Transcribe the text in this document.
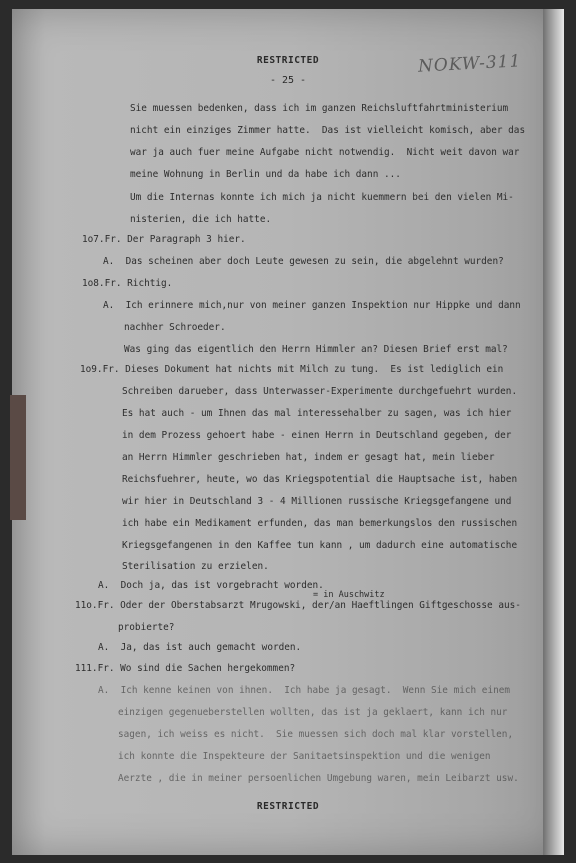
NOKW-311
RESTRICTED
- 25 -
Sie muessen bedenken, dass ich im ganzen Reichsluftfahrtministerium
nicht ein einziges Zimmer hatte.  Das ist vielleicht komisch, aber das
war ja auch fuer meine Aufgabe nicht notwendig.  Nicht weit davon war
meine Wohnung in Berlin und da habe ich dann ...
Um die Internas konnte ich mich ja nicht kuemmern bei den vielen Mi-
nisterien, die ich hatte.
1o7.Fr. Der Paragraph 3 hier.
A.  Das scheinen aber doch Leute gewesen zu sein, die abgelehnt wurden?
1o8.Fr. Richtig.
A.  Ich erinnere mich,nur von meiner ganzen Inspektion nur Hippke und dann
nachher Schroeder.
Was ging das eigentlich den Herrn Himmler an? Diesen Brief erst mal?
1o9.Fr. Dieses Dokument hat nichts mit Milch zu tung.  Es ist lediglich ein
Schreiben darueber, dass Unterwasser-Experimente durchgefuehrt wurden.
Es hat auch - um Ihnen das mal interessehalber zu sagen, was ich hier
in dem Prozess gehoert habe - einen Herrn in Deutschland gegeben, der
an Herrn Himmler geschrieben hat, indem er gesagt hat, mein lieber
Reichsfuehrer, heute, wo das Kriegspotential die Hauptsache ist, haben
wir hier in Deutschland 3 - 4 Millionen russische Kriegsgefangene und
ich habe ein Medikament erfunden, das man bemerkungslos den russischen
Kriegsgefangenen in den Kaffee tun kann , um dadurch eine automatische
Sterilisation zu erzielen.
A.  Doch ja, das ist vorgebracht worden.
= in Auschwitz
11o.Fr. Oder der Oberstabsarzt Mrugowski, der/an Haeftlingen Giftgeschosse aus-
probierte?
A.  Ja, das ist auch gemacht worden.
111.Fr. Wo sind die Sachen hergekommen?
A.  Ich kenne keinen von ihnen.  Ich habe ja gesagt.  Wenn Sie mich einem
einzigen gegenueberstellen wollten, das ist ja geklaert, kann ich nur
sagen, ich weiss es nicht.  Sie muessen sich doch mal klar vorstellen,
ich konnte die Inspekteure der Sanitaetsinspektion und die wenigen
Aerzte , die in meiner persoenlichen Umgebung waren, mein Leibarzt usw.
RESTRICTED
